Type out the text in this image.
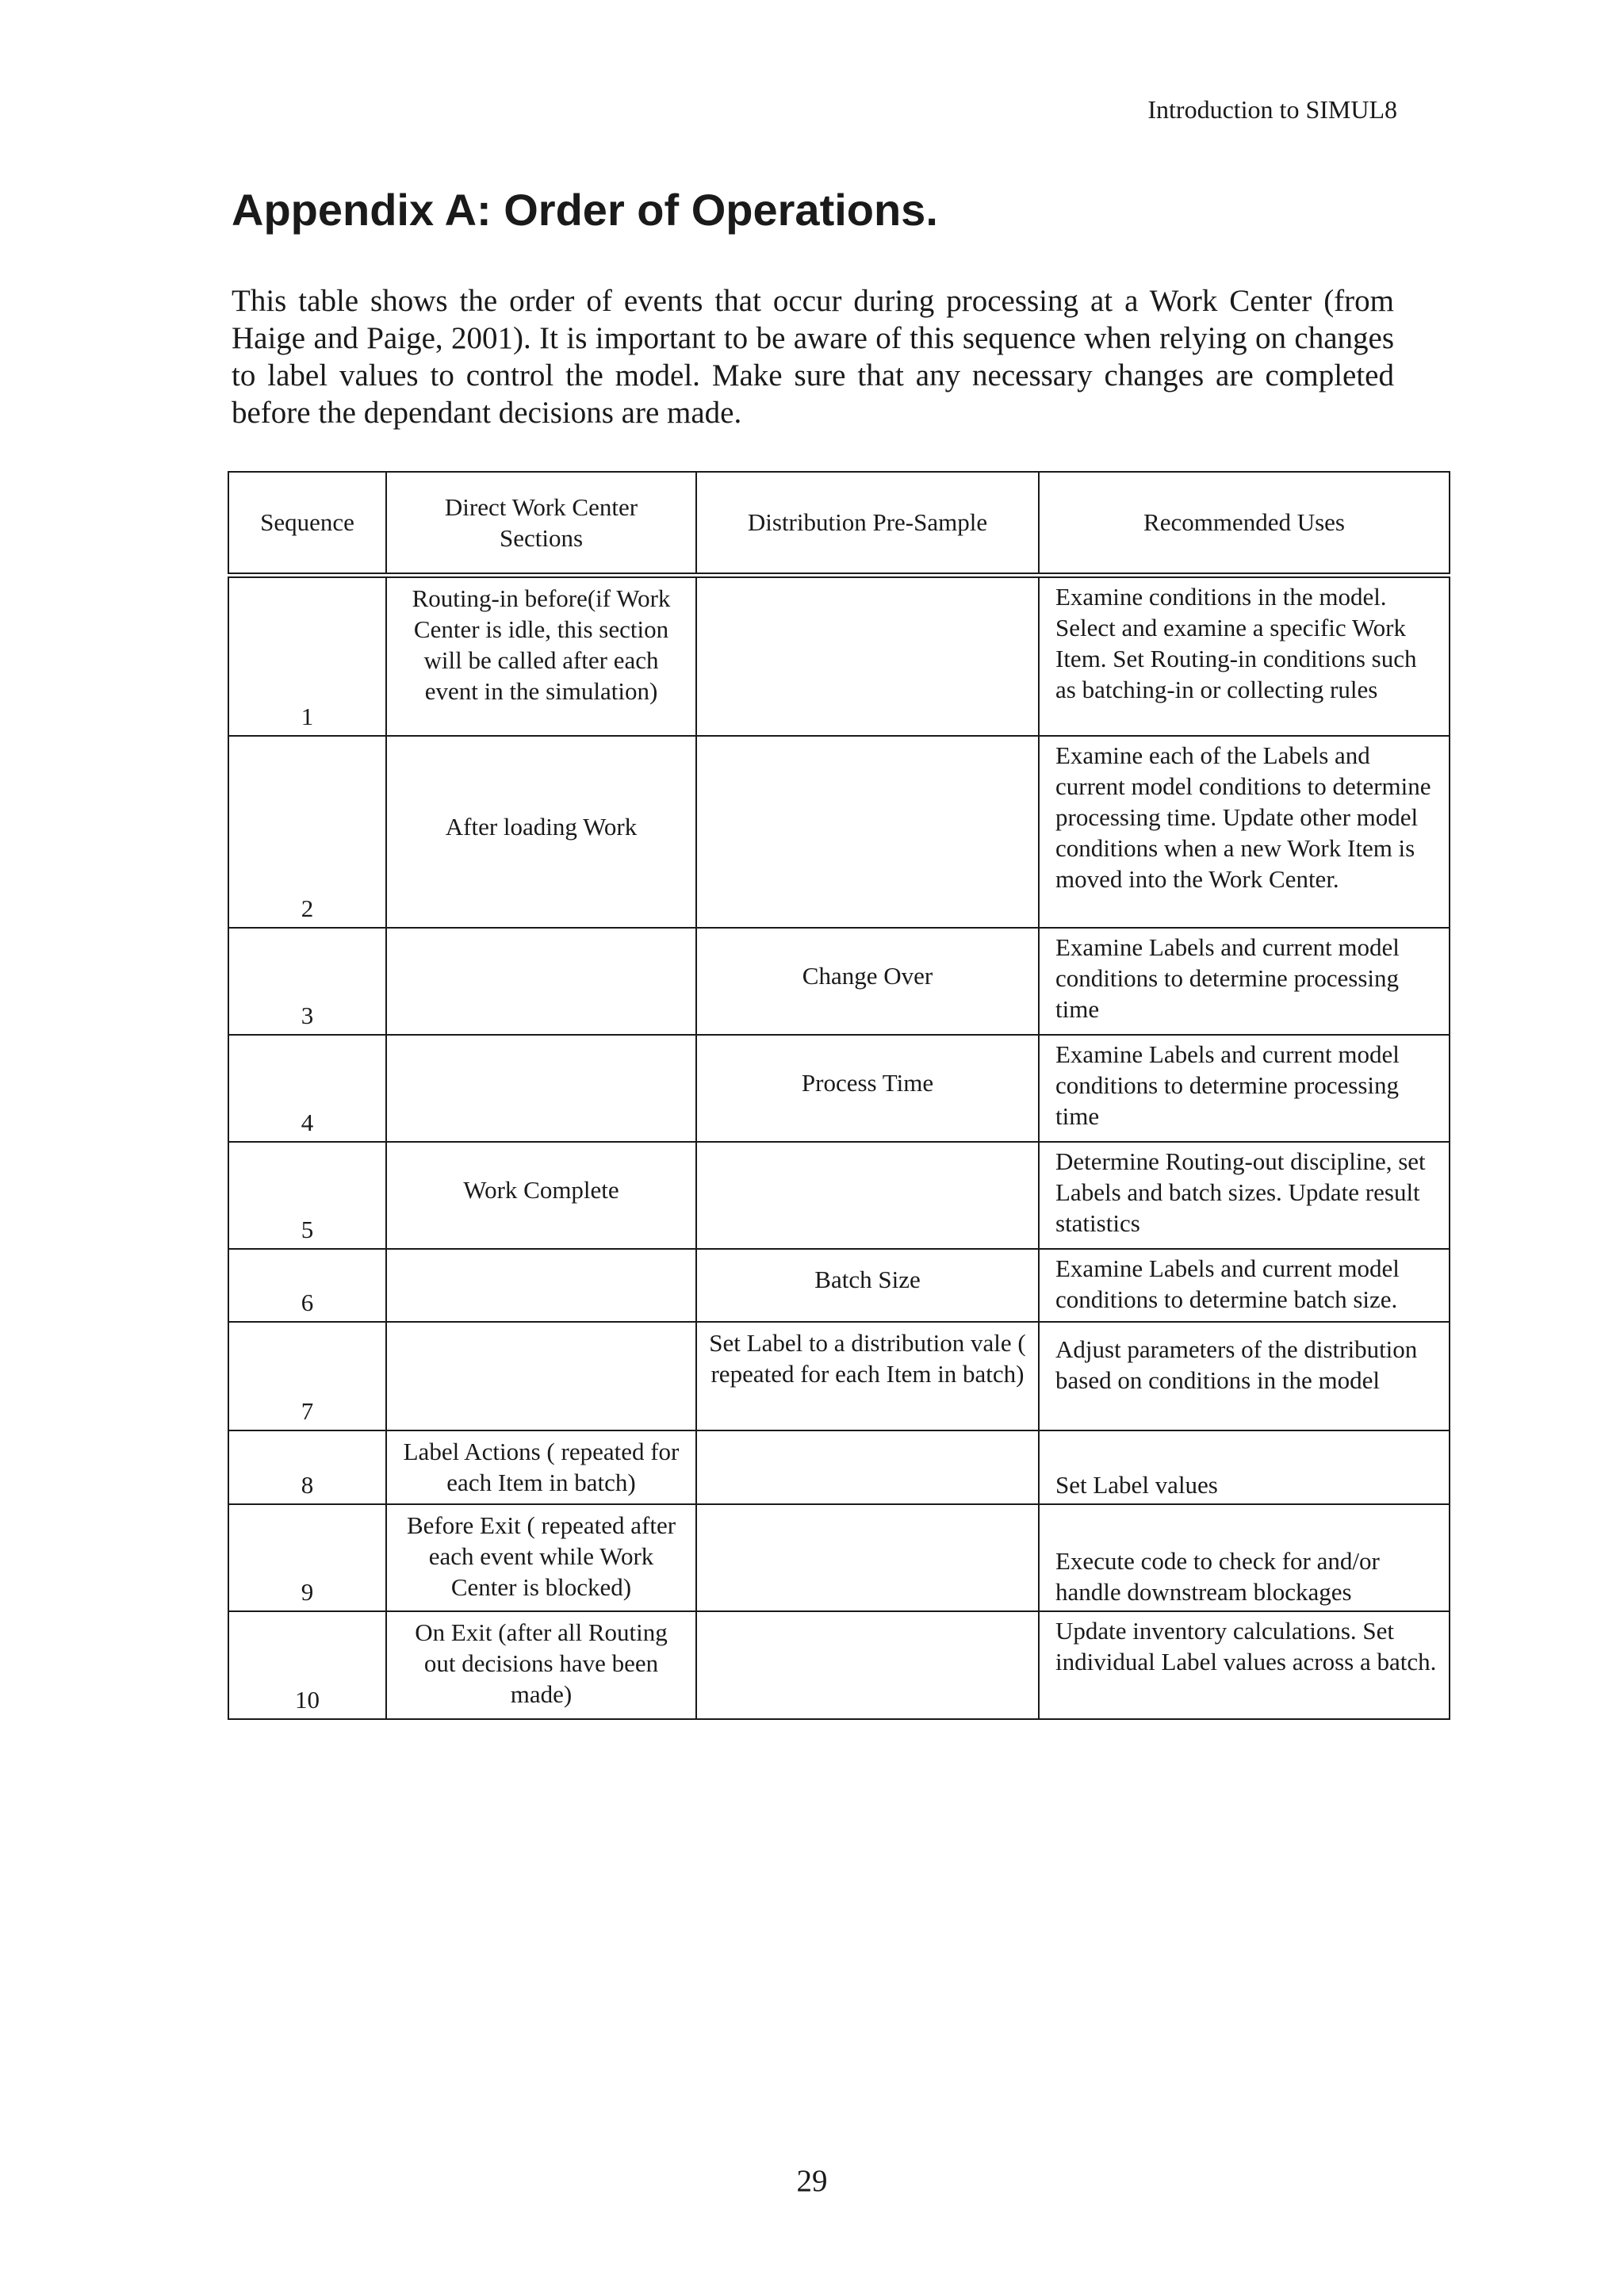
Introduction to SIMUL8
Appendix A: Order of Operations.

This table shows the order of events that occur during processing at a Work Center (from Haige and Paige, 2001). It is important to be aware of this sequence when relying on changes to label values to control the model. Make sure that any necessary changes are completed before the dependant decisions are made.

Sequence	Direct Work Center Sections	Distribution Pre-Sample	Recommended Uses
1	Routing-in before(if Work Center is idle, this section will be called after each event in the simulation)		Examine conditions in the model. Select and examine a specific Work Item. Set Routing-in conditions such as batching-in or collecting rules
2	After loading Work		Examine each of the Labels and current model conditions to determine processing time. Update other model conditions when a new Work Item is moved into the Work Center.
3		Change Over	Examine Labels and current model conditions to determine processing time
4		Process Time	Examine Labels and current model conditions to determine processing time
5	Work Complete		Determine Routing-out discipline, set Labels and batch sizes. Update result statistics
6		Batch Size	Examine Labels and current model conditions to determine batch size.
7		Set Label to a distribution vale ( repeated for each Item in batch)	Adjust parameters of the distribution based on conditions in the model
8	Label Actions ( repeated for each Item in batch)		Set Label values
9	Before Exit ( repeated after each event while Work Center is blocked)		Execute code to check for and/or handle downstream blockages
10	On Exit (after all Routing out decisions have been made)		Update inventory calculations. Set individual Label values across a batch.
29
